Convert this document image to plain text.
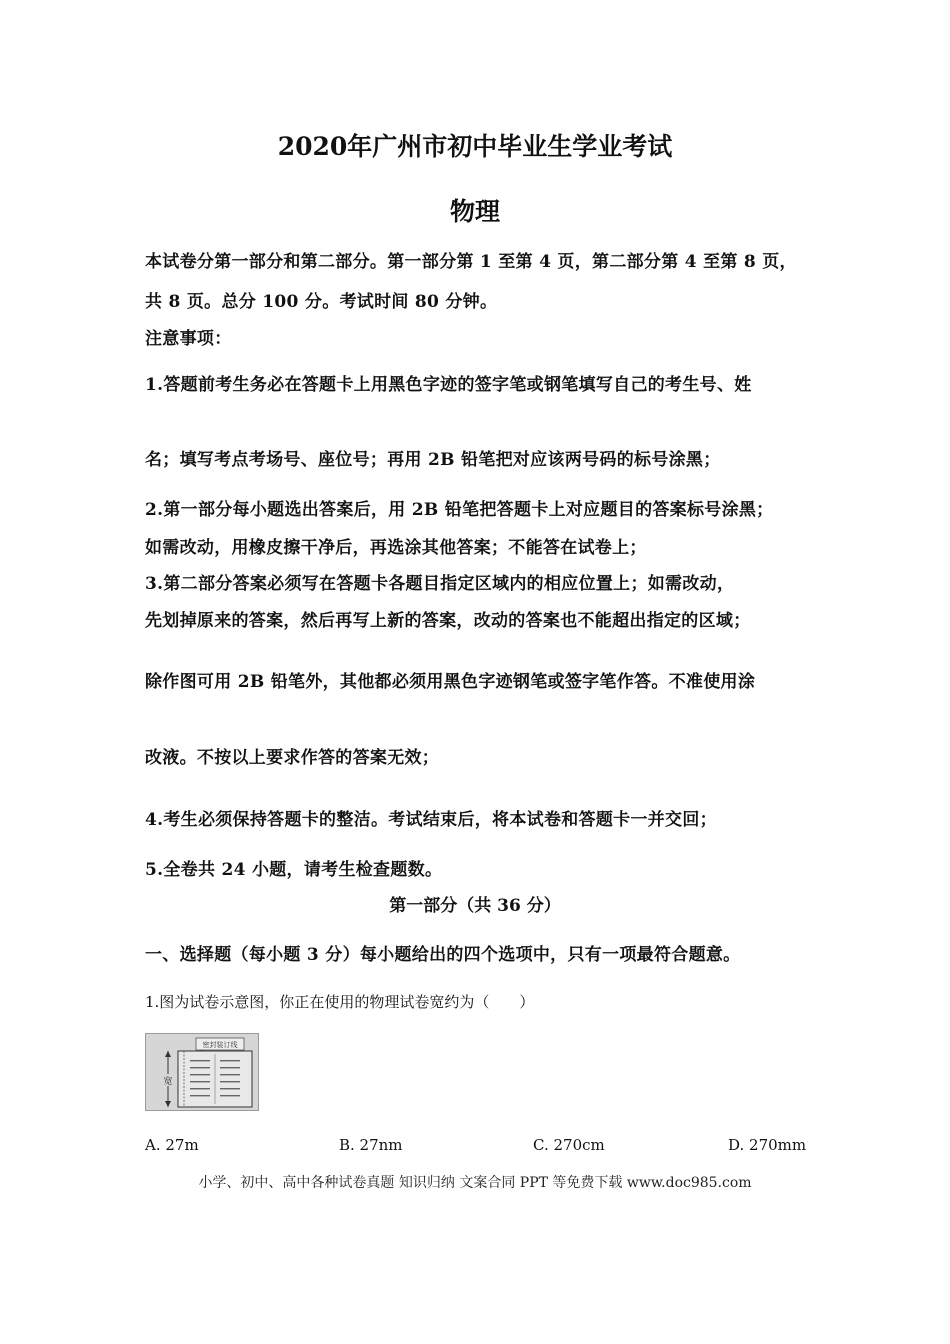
2020年广州市初中毕业生学业考试
物理
本试卷分第一部分和第二部分。第一部分第 1 至第 4 页，第二部分第 4 至第 8 页，
共 8 页。总分 100 分。考试时间 80 分钟。
注意事项：
1.答题前考生务必在答题卡上用黑色字迹的签字笔或钢笔填写自己的考生号、姓
名；填写考点考场号、座位号；再用 2B 铅笔把对应该两号码的标号涂黑；
2.第一部分每小题选出答案后，用 2B 铅笔把答题卡上对应题目的答案标号涂黑；
如需改动，用橡皮擦干净后，再选涂其他答案；不能答在试卷上；
3.第二部分答案必须写在答题卡各题目指定区域内的相应位置上；如需改动，
先划掉原来的答案，然后再写上新的答案，改动的答案也不能超出指定的区域；
除作图可用 2B 铅笔外，其他都必须用黑色字迹钢笔或签字笔作答。不准使用涂
改液。不按以上要求作答的答案无效；
4.考生必须保持答题卡的整洁。考试结束后，将本试卷和答题卡一并交回；
5.全卷共 24 小题，请考生检查题数。
第一部分（共 36 分）
一、选择题（每小题 3 分）每小题给出的四个选项中，只有一项最符合题意。
1.图为试卷示意图，你正在使用的物理试卷宽约为（　　）
密封装订线
宽
A. 27m	B. 27nm	C. 270cm	D. 270mm
小学、初中、高中各种试卷真题 知识归纳 文案合同 PPT 等免费下载 www.doc985.com
